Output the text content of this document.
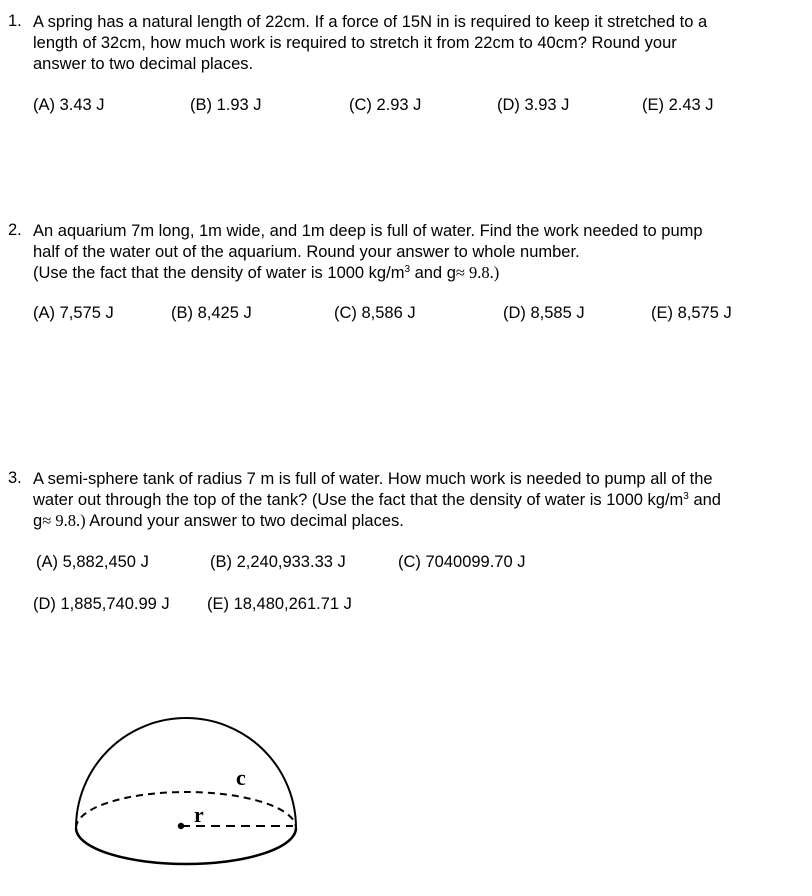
1. A spring has a natural length of 22cm. If a force of 15N in is required to keep it stretched to a
length of 32cm, how much work is required to stretch it from 22cm to 40cm? Round your
answer to two decimal places.
(A) 3.43 J	(B) 1.93 J	(C) 2.93 J	(D) 3.93 J	(E) 2.43 J
2. An aquarium 7m long, 1m wide, and 1m deep is full of water. Find the work needed to pump
half of the water out of the aquarium. Round your answer to whole number.
(Use the fact that the density of water is 1000 $kg/m^3$ and g≈ 9.8.)
(A) 7,575 J	(B) 8,425 J	(C) 8,586 J	(D) 8,585 J	(E) 8,575 J
3. A semi-sphere tank of radius 7 m is full of water. How much work is needed to pump all of the
water out through the top of the tank? (Use the fact that the density of water is 1000 $kg/m^3$ and
g≈ 9.8.) Around your answer to two decimal places.
(A) 5,882,450 J	(B) 2,240,933.33 J	(C) 7040099.70 J
(D) 1,885,740.99 J (E) 18,480,261.71 J
r
c
